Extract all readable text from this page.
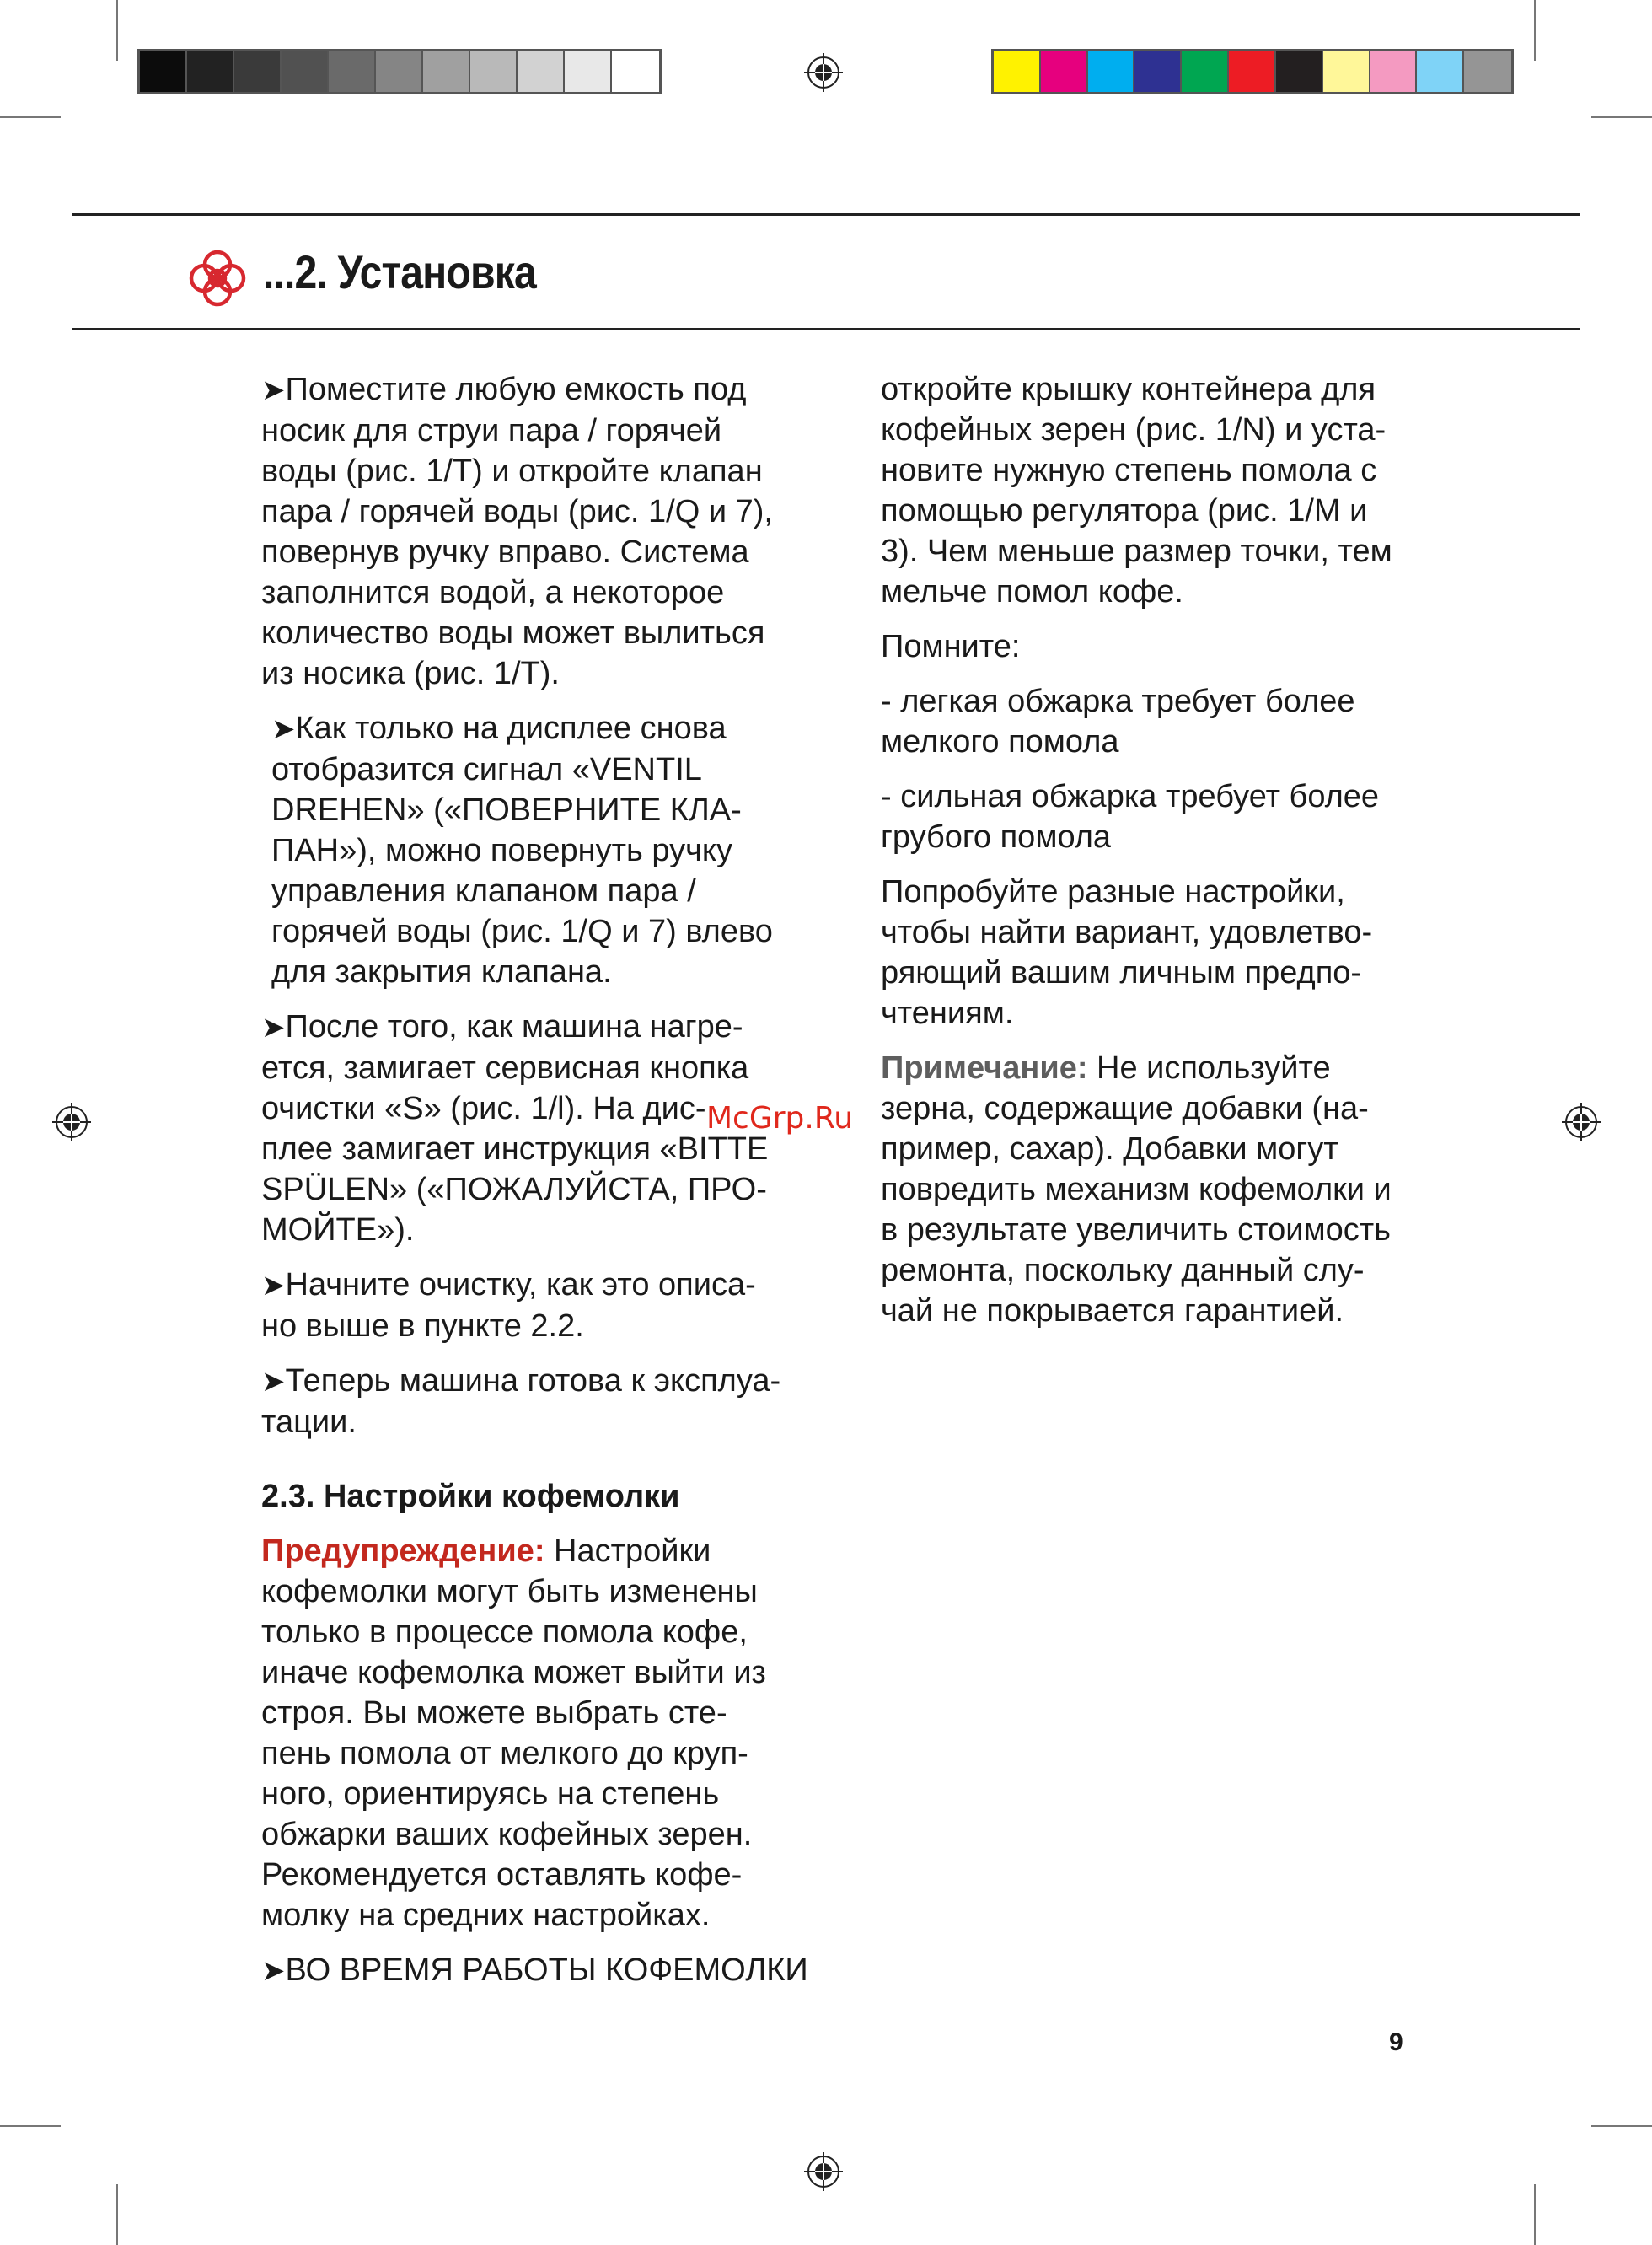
...2. Установка

➤Поместите любую емкость под
носик для струи пара / горячей
воды (рис. 1/T) и откройте клапан
пара / горячей воды (рис. 1/Q и 7),
повернув ручку вправо. Система
заполнится водой, а некоторое
количество воды может вылиться
из носика (рис. 1/T).

➤Как только на дисплее снова
отобразится сигнал «VENTIL
DREHEN» («ПОВЕРНИТЕ КЛА-
ПАН»), можно повернуть ручку
управления клапаном пара /
горячей воды (рис. 1/Q и 7) влево
для закрытия клапана.

➤После того, как машина нагре-
ется, замигает сервисная кнопка
очистки «S» (рис. 1/l). На дис-
плее замигает инструкция «BITTE
SPÜLEN» («ПОЖАЛУЙСТА, ПРО-
МОЙТЕ»).

➤Начните очистку, как это описа-
но выше в пункте 2.2.

➤Теперь машина готова к эксплуа-
тации.

2.3. Настройки кофемолки

Предупреждение: Настройки
кофемолки могут быть изменены
только в процессе помола кофе,
иначе кофемолка может выйти из
строя. Вы можете выбрать сте-
пень помола от мелкого до круп-
ного, ориентируясь на степень
обжарки ваших кофейных зерен.
Рекомендуется оставлять кофе-
молку на средних настройках.

➤ВО ВРЕМЯ РАБОТЫ КОФЕМОЛКИ

откройте крышку контейнера для
кофейных зерен (рис. 1/N) и уста-
новите нужную степень помола с
помощью регулятора (рис. 1/M и
3). Чем меньше размер точки, тем
мельче помол кофе.

Помните:

- легкая обжарка требует более
мелкого помола

- сильная обжарка требует более
грубого помола

Попробуйте разные настройки,
чтобы найти вариант, удовлетво-
ряющий вашим личным предпо-
чтениям.

Примечание: Не используйте
зерна, содержащие добавки (на-
пример, сахар). Добавки могут
повредить механизм кофемолки и
в результате увеличить стоимость
ремонта, поскольку данный слу-
чай не покрывается гарантией.

McGrp.Ru
9
